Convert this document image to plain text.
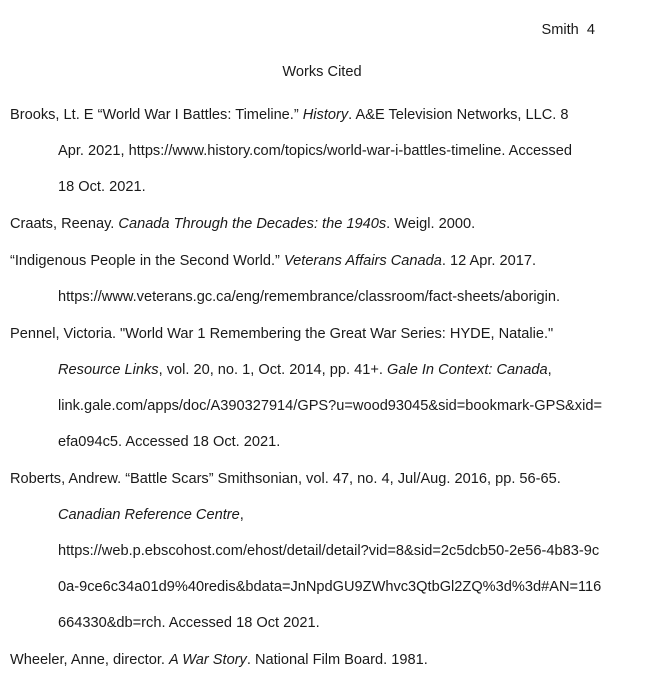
Smith  4
Works Cited
Brooks, Lt. E “World War I Battles: Timeline.” History. A&E Television Networks, LLC. 8
Apr. 2021, https://www.history.com/topics/world-war-i-battles-timeline. Accessed
18 Oct. 2021.
Craats, Reenay. Canada Through the Decades: the 1940s. Weigl. 2000.
“Indigenous People in the Second World.” Veterans Affairs Canada. 12 Apr. 2017.
https://www.veterans.gc.ca/eng/remembrance/classroom/fact-sheets/aborigin.
Pennel, Victoria. "World War 1 Remembering the Great War Series: HYDE, Natalie."
Resource Links, vol. 20, no. 1, Oct. 2014, pp. 41+. Gale In Context: Canada,
link.gale.com/apps/doc/A390327914/GPS?u=wood93045&sid=bookmark-GPS&xid=
efa094c5. Accessed 18 Oct. 2021.
Roberts, Andrew. “Battle Scars” Smithsonian, vol. 47, no. 4, Jul/Aug. 2016, pp. 56-65.
Canadian Reference Centre,
https://web.p.ebscohost.com/ehost/detail/detail?vid=8&sid=2c5dcb50-2e56-4b83-9c
0a-9ce6c34a01d9%40redis&bdata=JnNpdGU9ZWhvc3QtbGl2ZQ%3d%3d#AN=116
664330&db=rch. Accessed 18 Oct 2021.
Wheeler, Anne, director. A War Story. National Film Board. 1981.
